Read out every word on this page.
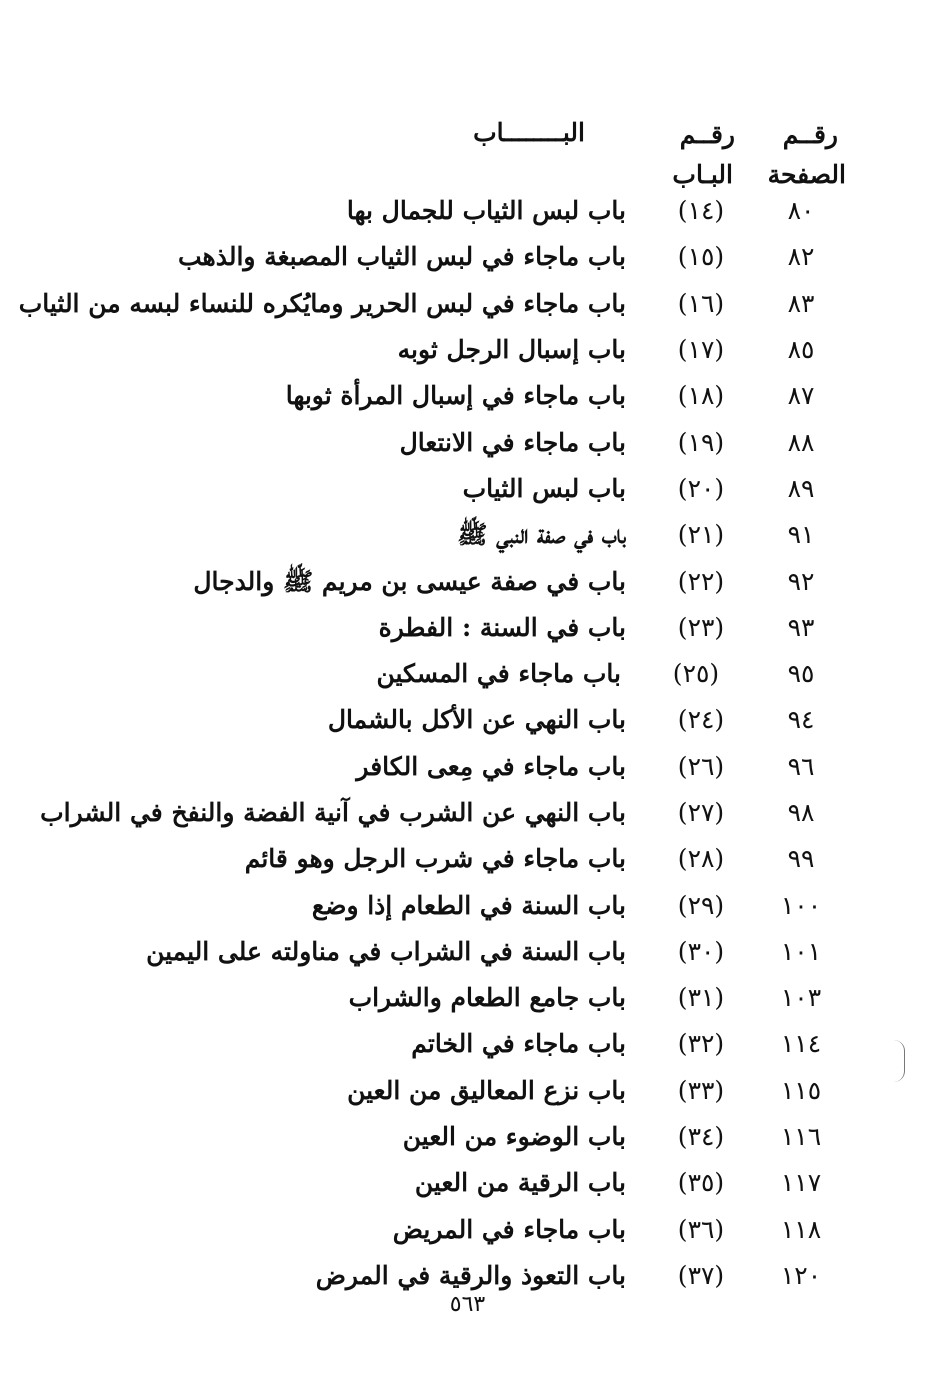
رقــم
الصفحة
رقــم
البـاب
البــــــــاب
٨٠
(١٤)
باب لبس الثياب للجمال بها
٨٢
(١٥)
باب ماجاء في لبس الثياب المصبغة والذهب
٨٣
(١٦)
باب ماجاء في لبس الحرير ومايُكره للنساء لبسه من الثياب
٨٥
(١٧)
باب إسبال الرجل ثوبه
٨٧
(١٨)
باب ماجاء في إسبال المرأة ثوبها
٨٨
(١٩)
باب ماجاء في الانتعال
٨٩
(٢٠)
باب لبس الثياب
٩١
(٢١)
باب في صفة النبي ﷺ
٩٢
(٢٢)
باب في صفة عيسى بن مريم ﷺ والدجال
٩٣
(٢٣)
باب في السنة : الفطرة
٩٥
(٢٥)
باب ماجاء في المسكين
٩٤
(٢٤)
باب النهي عن الأكل بالشمال
٩٦
(٢٦)
باب ماجاء في مِعى الكافر
٩٨
(٢٧)
باب النهي عن الشرب في آنية الفضة والنفخ في الشراب
٩٩
(٢٨)
باب ماجاء في شرب الرجل وهو قائم
١٠٠
(٢٩)
باب السنة في الطعام إذا وضع
١٠١
(٣٠)
باب السنة في الشراب في مناولته على اليمين
١٠٣
(٣١)
باب جامع الطعام والشراب
١١٤
(٣٢)
باب ماجاء في الخاتم
١١٥
(٣٣)
باب نزع المعاليق من العين
١١٦
(٣٤)
باب الوضوء من العين
١١٧
(٣٥)
باب الرقية من العين
١١٨
(٣٦)
باب ماجاء في المريض
١٢٠
(٣٧)
باب التعوذ والرقية في المرض
٥٦٣
